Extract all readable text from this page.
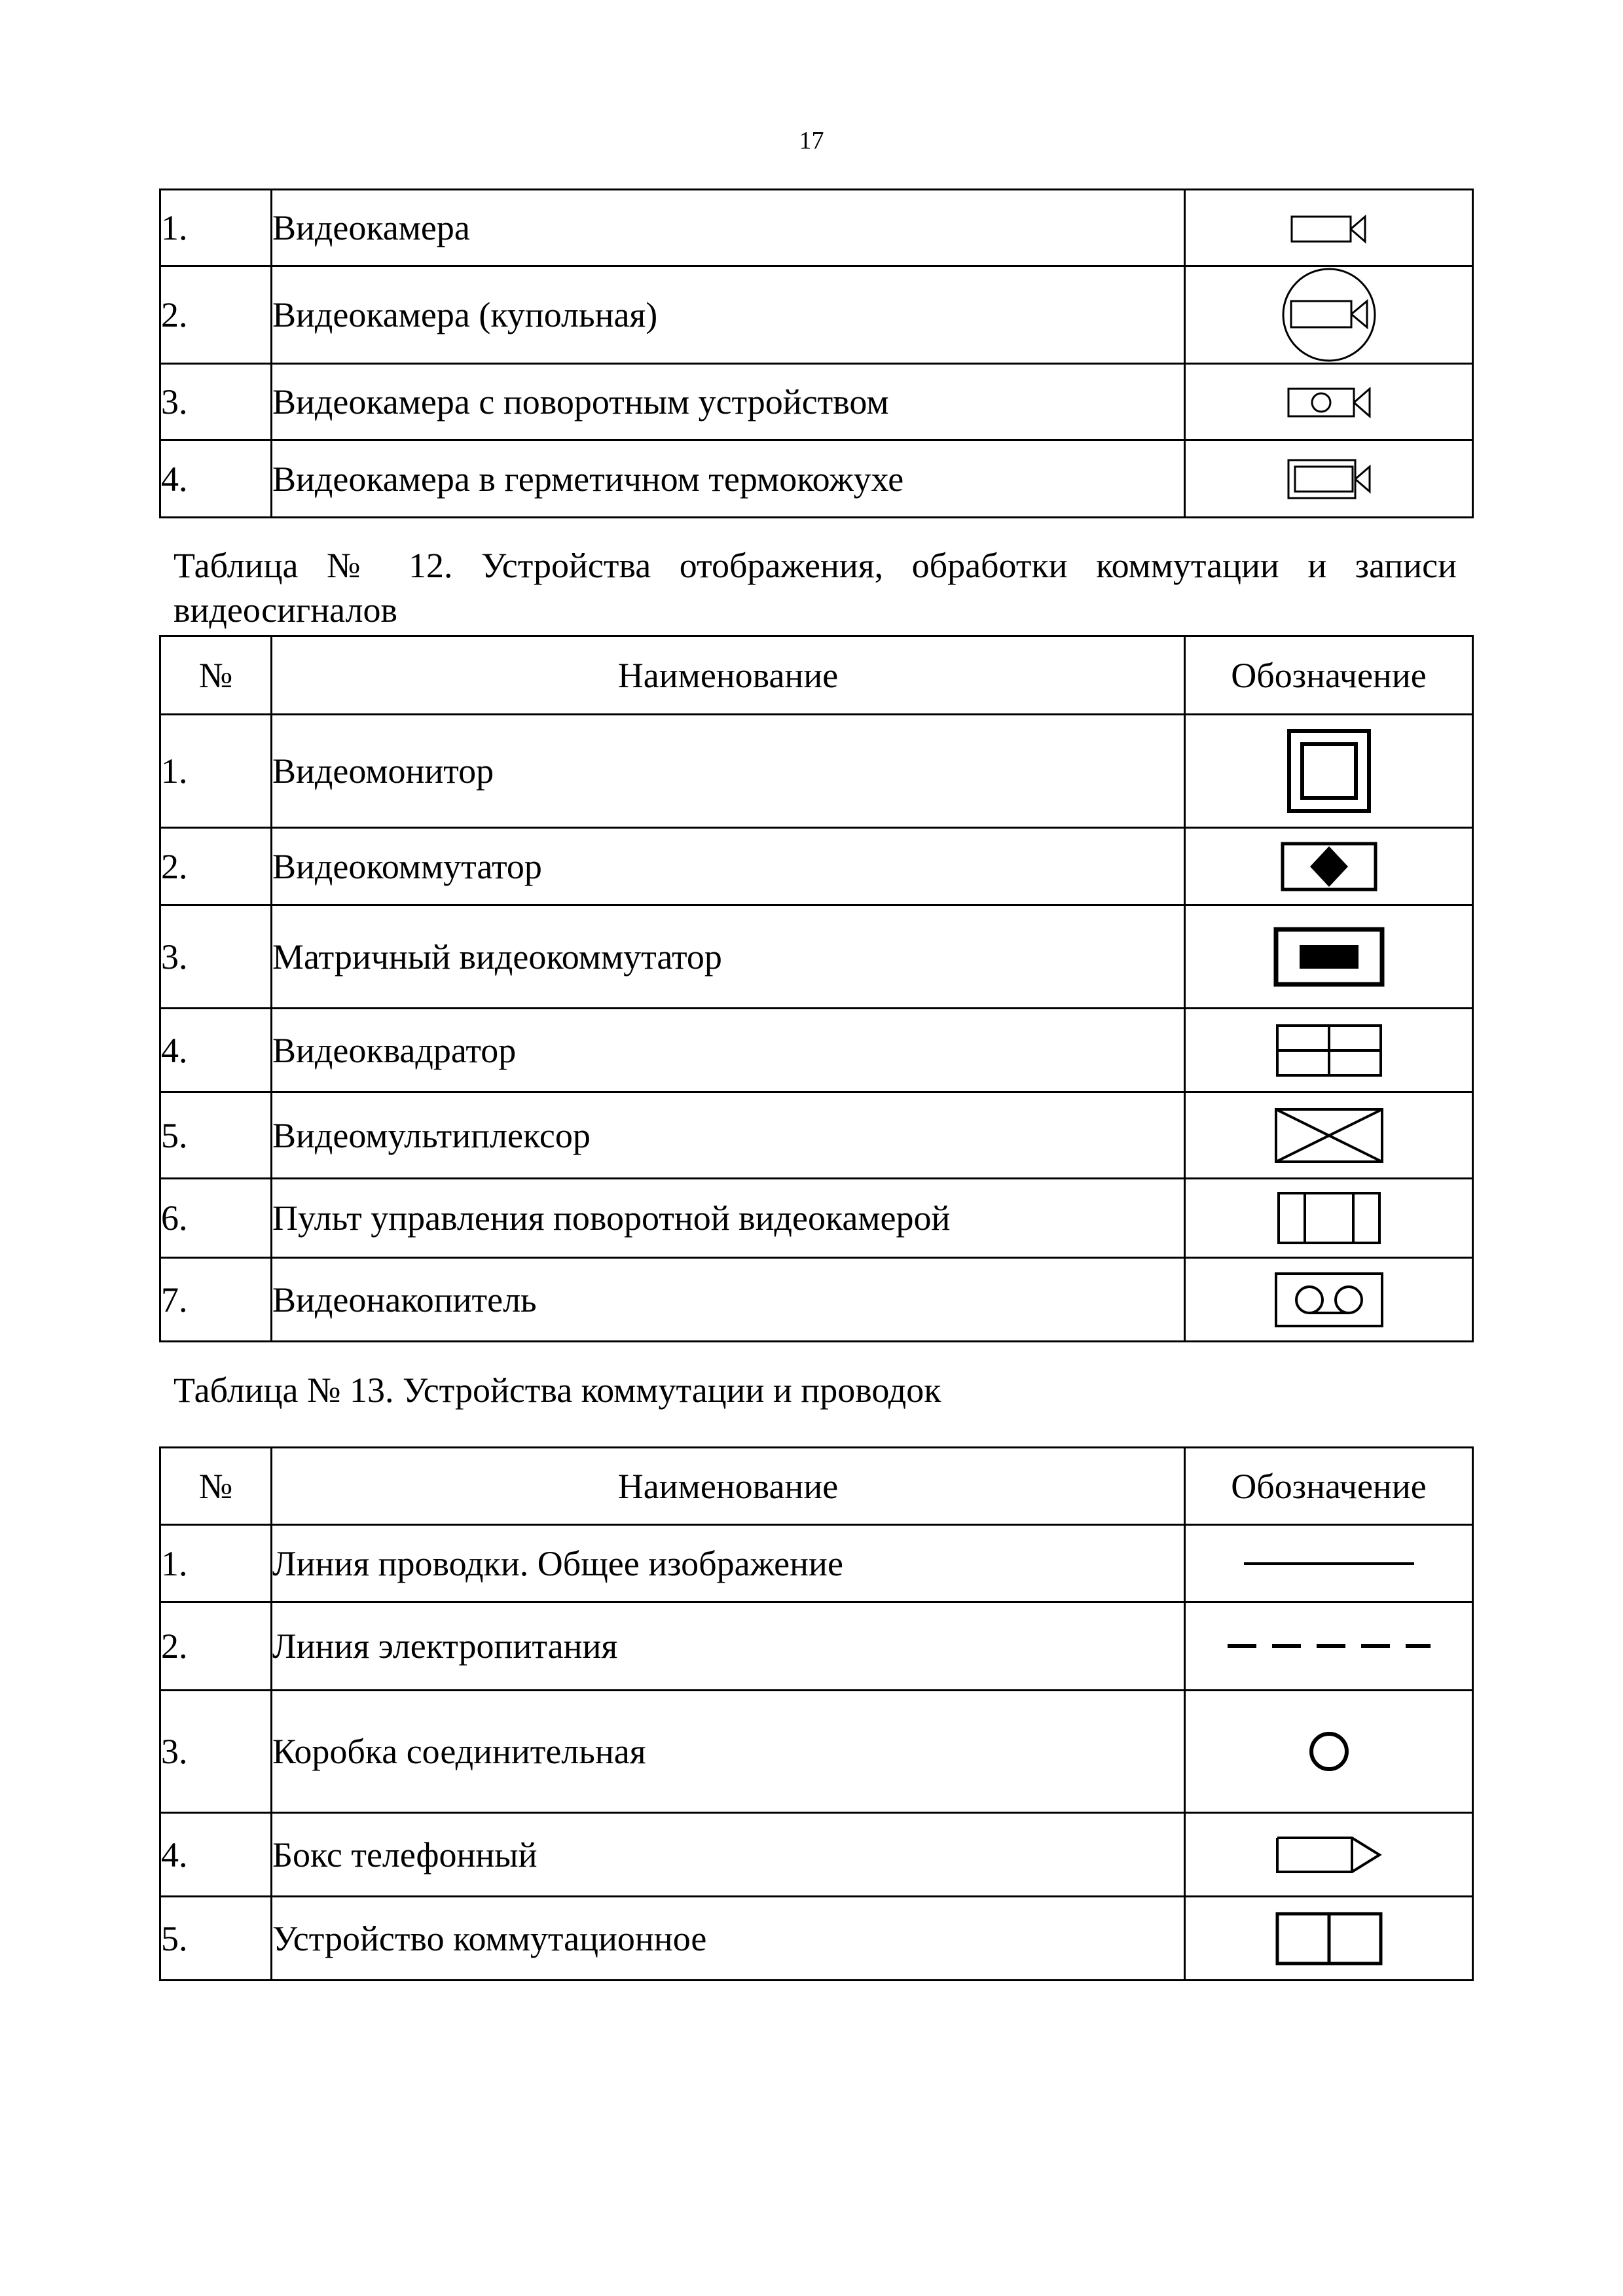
17
1.	Видеокамера	

2.	Видеокамера (купольная)	

3.	Видеокамера с поворотным устройством	

4.	Видеокамера в герметичном термокожухе	
Таблица № 12. Устройства отображения, обработки коммутации и записи видеосигналов
№	Наименование	Обозначение
1.	Видеомонитор	

2.	Видеокоммутатор	

3.	Матричный видеокоммутатор	

4.	Видеоквадратор	

5.	Видеомультиплексор	

6.	Пульт управления поворотной видеокамерой	

7.	Видеонакопитель	
Таблица № 13. Устройства коммутации и проводок
№	Наименование	Обозначение
1.	Линия проводки. Общее изображение	

2.	Линия электропитания	

3.	Коробка соединительная	

4.	Бокс телефонный	

5.	Устройство коммутационное	
